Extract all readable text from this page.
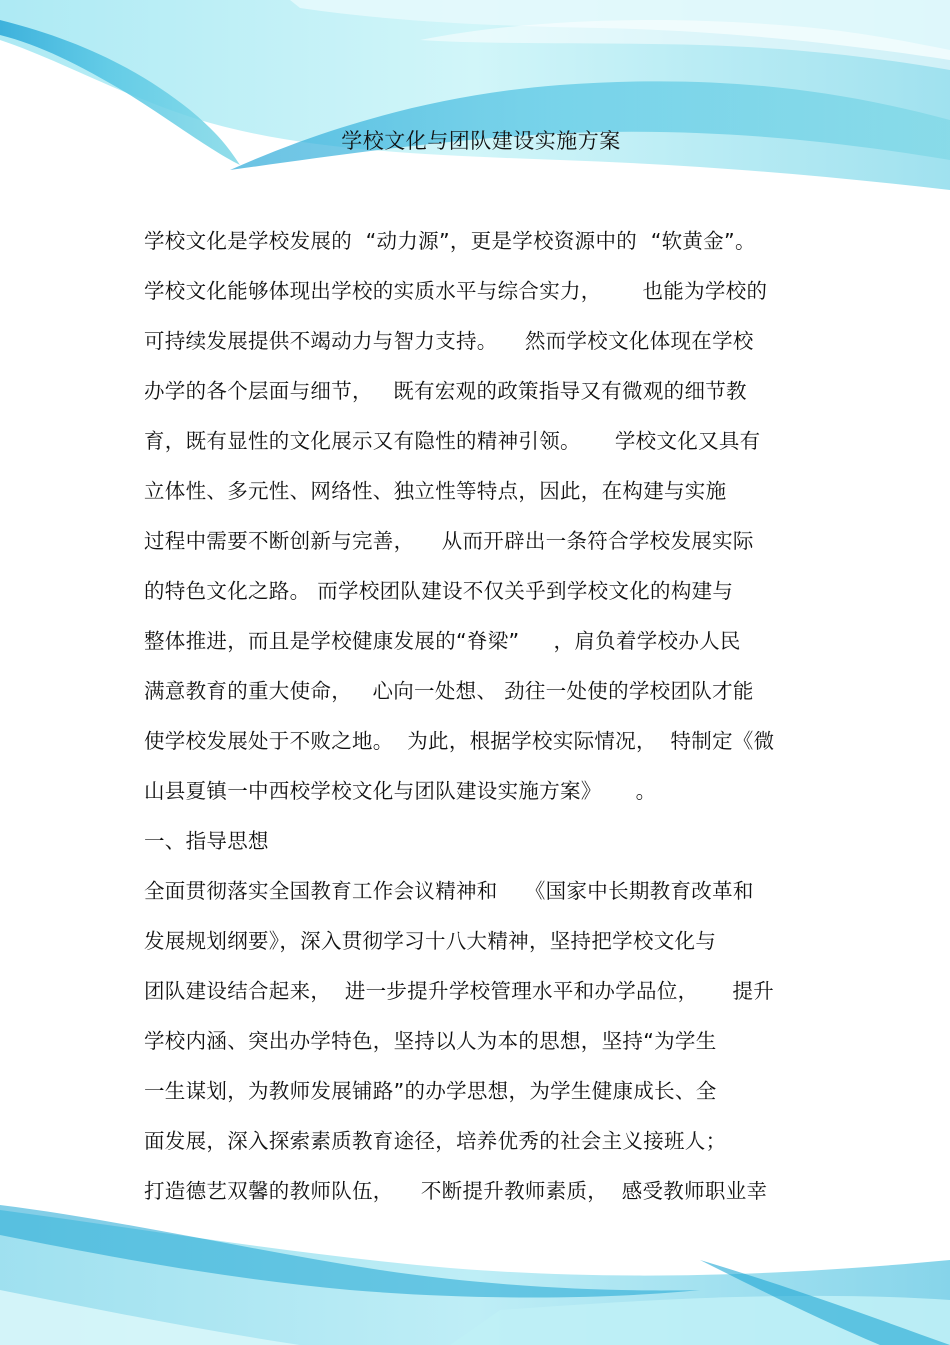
学校文化与团队建设实施方案
学校文化是学校发展的  “动力源”，更是学校资源中的  “软黄金”。
学校文化能够体现出学校的实质水平与综合实力，      也能为学校的
可持续发展提供不竭动力与智力支持。    然而学校文化体现在学校
办学的各个层面与细节，   既有宏观的政策指导又有微观的细节教
育，既有显性的文化展示又有隐性的精神引领。     学校文化又具有
立体性、多元性、网络性、独立性等特点，因此，在构建与实施
过程中需要不断创新与完善，    从而开辟出一条符合学校发展实际
的特色文化之路。 而学校团队建设不仅关乎到学校文化的构建与
整体推进，而且是学校健康发展的“脊梁”     ，肩负着学校办人民
满意教育的重大使命，   心向一处想、 劲往一处使的学校团队才能
使学校发展处于不败之地。  为此，根据学校实际情况，  特制定《微
山县夏镇一中西校学校文化与团队建设实施方案》     。
一、指导思想
全面贯彻落实全国教育工作会议精神和    《国家中长期教育改革和
发展规划纲要》，深入贯彻学习十八大精神，坚持把学校文化与
团队建设结合起来，  进一步提升学校管理水平和办学品位，     提升
学校内涵、突出办学特色，坚持以人为本的思想，坚持“为学生
一生谋划，为教师发展铺路”的办学思想，为学生健康成长、全
面发展，深入探索素质教育途径，培养优秀的社会主义接班人；
打造德艺双馨的教师队伍，    不断提升教师素质，  感受教师职业幸
